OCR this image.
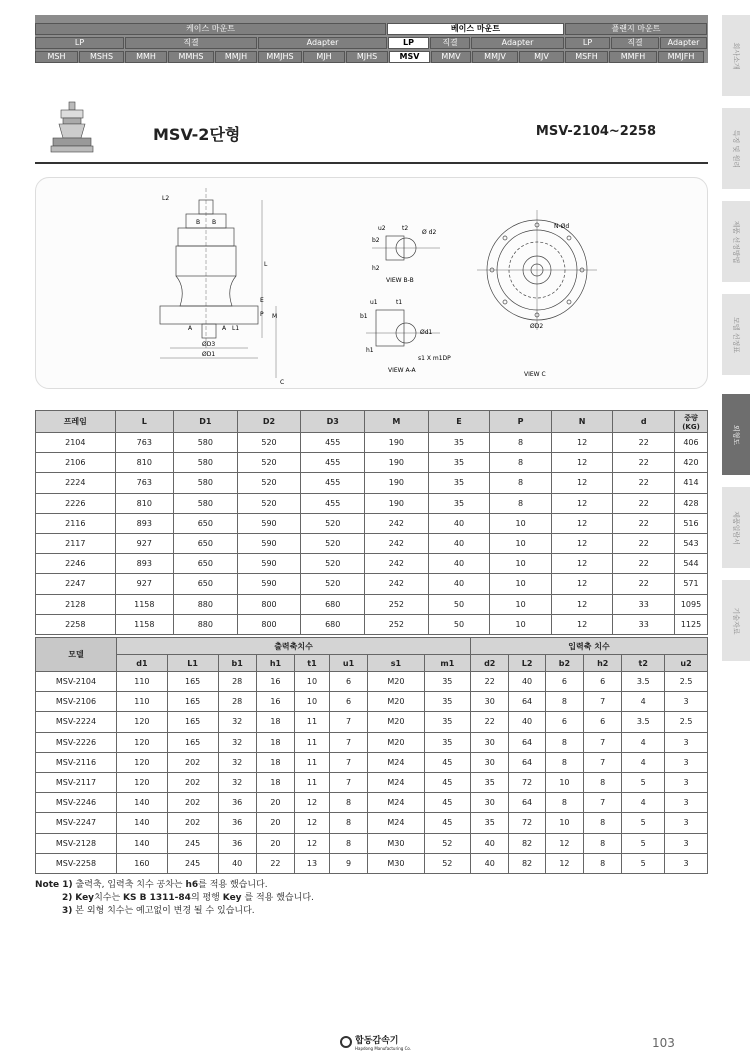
케이스 마운트	베이스 마운트	플랜지 마운트
LP	직결	Adapter	LP	직결	Adapter	LP	직결	Adapter
MSH	MSHS	MMH	MMHS	MMJH	MMJHS	MJH	MJHS	MSV	MMV	MMJV	MJV	MSFH	MMFH	MMJFH	회사소개
특징 및 원리
제품 선정방법
모델 선정표
외형도
제품일람서
기술자료
MSV-2단형	MSV-2104~2258
L2
B B
L
E
P M
A	A L1
C
ØD3
ØD1
u2	t2
Ø d2
b2
h2
VIEW B-B
u1	t1
b1
Ød1
h1
s1 X m1DP
VIEW A-A
N-Ød
ØD2
VIEW C
프레임	L	D1	D2	D3	M	E	P	N	d	중량
(KG)
2104	763	580	520	455	190	35	8	12	22	406
2106	810	580	520	455	190	35	8	12	22	420
2224	763	580	520	455	190	35	8	12	22	414
2226	810	580	520	455	190	35	8	12	22	428
2116	893	650	590	520	242	40	10	12	22	516
2117	927	650	590	520	242	40	10	12	22	543
2246	893	650	590	520	242	40	10	12	22	544
2247	927	650	590	520	242	40	10	12	22	571
2128	1158	880	800	680	252	50	10	12	33	1095
2258	1158	880	800	680	252	50	10	12	33	1125
모델	출력축치수								입력축 치수					
	d1	L1	b1	h1	t1	u1	s1	m1	d2	L2	b2	h2	t2	u2
MSV-2104	110	165	28	16	10	6	M20	35	22	40	6	6	3.5	2.5
MSV-2106	110	165	28	16	10	6	M20	35	30	64	8	7	4	3
MSV-2224	120	165	32	18	11	7	M20	35	22	40	6	6	3.5	2.5
MSV-2226	120	165	32	18	11	7	M20	35	30	64	8	7	4	3
MSV-2116	120	202	32	18	11	7	M24	45	30	64	8	7	4	3
MSV-2117	120	202	32	18	11	7	M24	45	35	72	10	8	5	3
MSV-2246	140	202	36	20	12	8	M24	45	30	64	8	7	4	3
MSV-2247	140	202	36	20	12	8	M24	45	35	72	10	8	5	3
MSV-2128	140	245	36	20	12	8	M30	52	40	82	12	8	5	3
MSV-2258	160	245	40	22	13	9	M30	52	40	82	12	8	5	3
Note 1) 출력축, 입력축 치수 공차는 h6를 적용 했습니다.
2) Key치수는 KS B 1311-84의 평행 Key 를 적용 했습니다.
3) 본 외형 치수는 예고없이 변경 될 수 있습니다.
합동감속기
Hapdong Manufacturing Co.	103
